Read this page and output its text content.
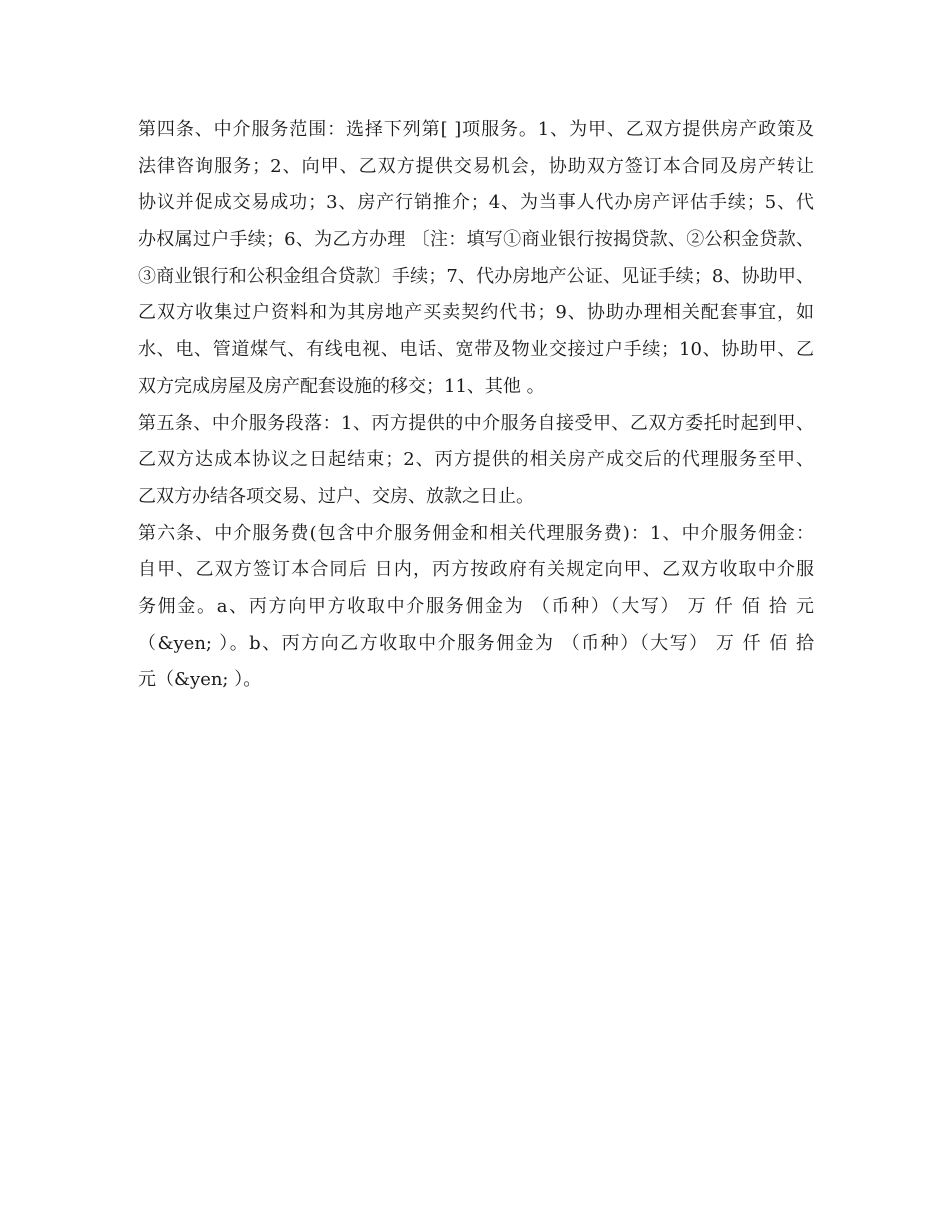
第四条、中介服务范围：选择下列第[ ]项服务。1、为甲、乙双方提供房产政策及
法律咨询服务；2、向甲、乙双方提供交易机会，协助双方签订本合同及房产转让
协议并促成交易成功；3、房产行销推介；4、为当事人代办房产评估手续；5、代
办权属过户手续；6、为乙方办理 〔注：填写①商业银行按揭贷款、②公积金贷款、
③商业银行和公积金组合贷款〕手续；7、代办房地产公证、见证手续；8、协助甲、
乙双方收集过户资料和为其房地产买卖契约代书；9、协助办理相关配套事宜，如
水、电、管道煤气、有线电视、电话、宽带及物业交接过户手续；10、协助甲、乙
双方完成房屋及房产配套设施的移交；11、其他 。
第五条、中介服务段落：1、丙方提供的中介服务自接受甲、乙双方委托时起到甲、
乙双方达成本协议之日起结束；2、丙方提供的相关房产成交后的代理服务至甲、
乙双方办结各项交易、过户、交房、放款之日止。
第六条、中介服务费(包含中介服务佣金和相关代理服务费)：1、中介服务佣金：
自甲、乙双方签订本合同后 日内，丙方按政府有关规定向甲、乙双方收取中介服
务佣金。a、丙方向甲方收取中介服务佣金为 （币种）（大写） 万 仟 佰 拾 元
（&yen; ）。b、丙方向乙方收取中介服务佣金为 （币种）（大写） 万 仟 佰 拾
元（&yen; ）。
